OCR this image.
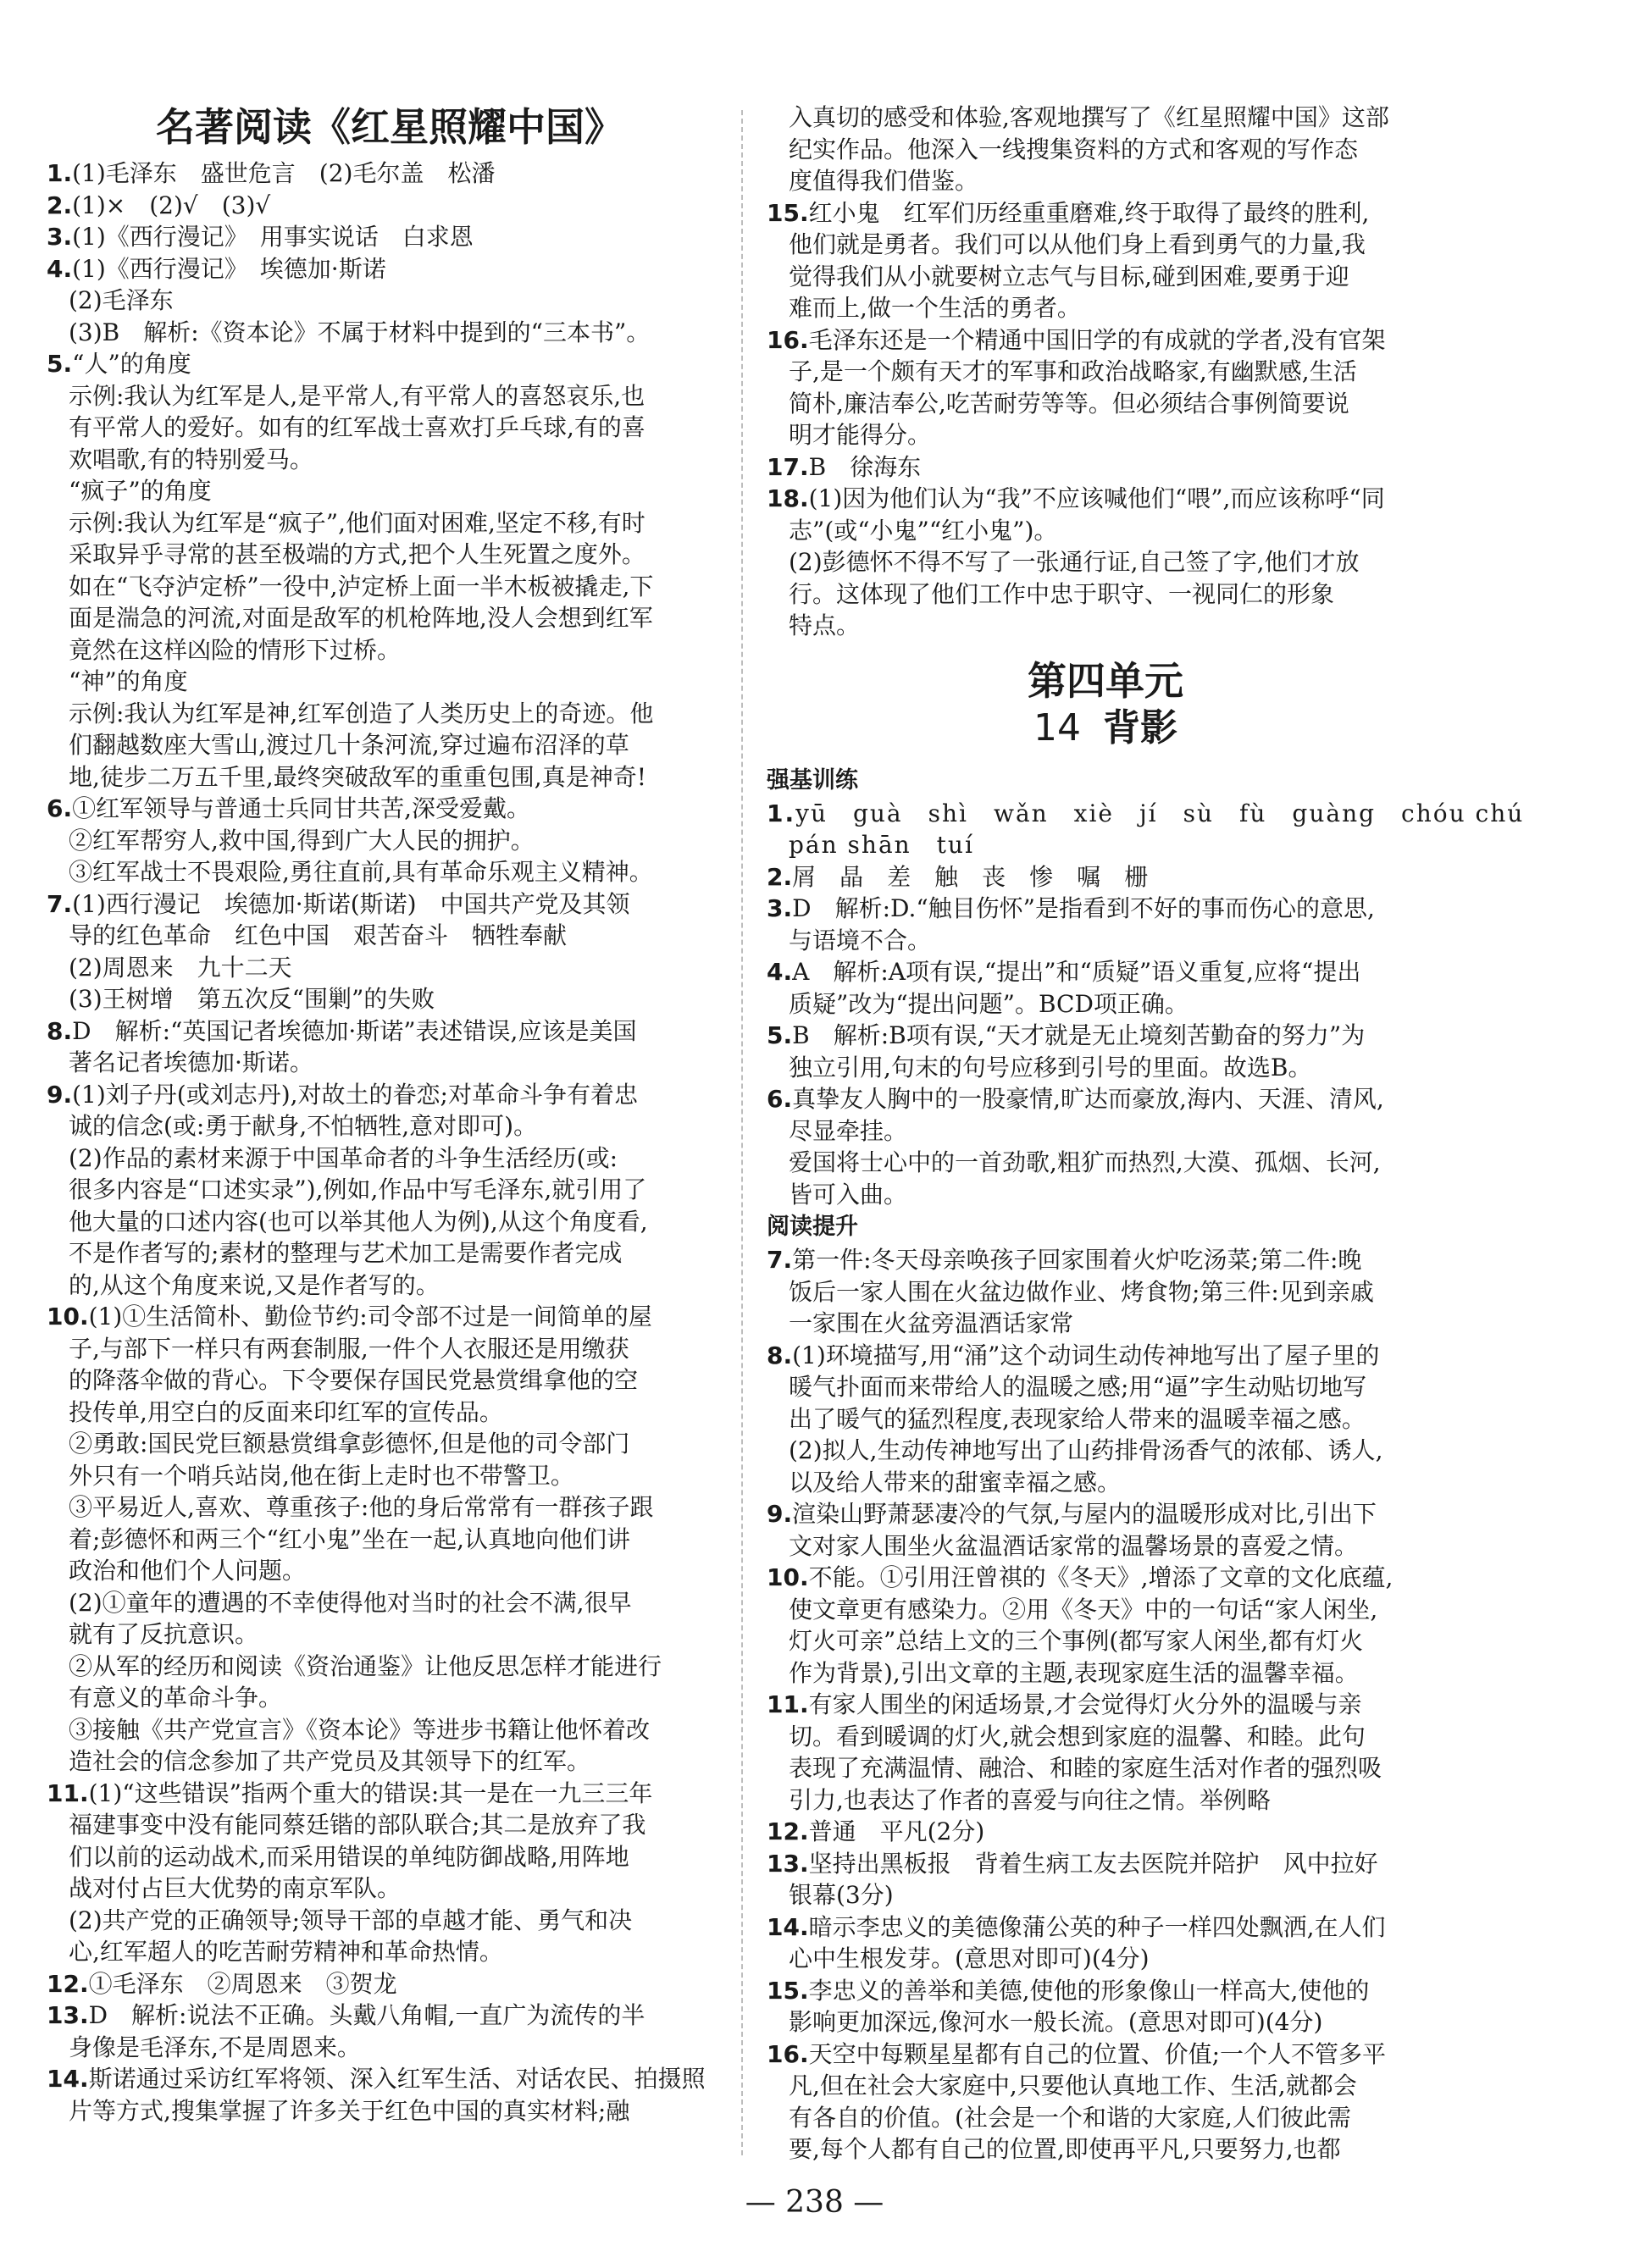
名著阅读《红星照耀中国》
1.(1)毛泽东　盛世危言　(2)毛尔盖　松潘
2.(1)×　(2)√　(3)√
3.(1)《西行漫记》　用事实说话　白求恩
4.(1)《西行漫记》　埃德加·斯诺
(2)毛泽东
(3)B　解析:《资本论》不属于材料中提到的“三本书”。
5.“人”的角度
示例:我认为红军是人,是平常人,有平常人的喜怒哀乐,也
有平常人的爱好。如有的红军战士喜欢打乒乓球,有的喜
欢唱歌,有的特别爱马。
“疯子”的角度
示例:我认为红军是“疯子”,他们面对困难,坚定不移,有时
采取异乎寻常的甚至极端的方式,把个人生死置之度外。
如在“飞夺泸定桥”一役中,泸定桥上面一半木板被撬走,下
面是湍急的河流,对面是敌军的机枪阵地,没人会想到红军
竟然在这样凶险的情形下过桥。
“神”的角度
示例:我认为红军是神,红军创造了人类历史上的奇迹。他
们翻越数座大雪山,渡过几十条河流,穿过遍布沼泽的草
地,徒步二万五千里,最终突破敌军的重重包围,真是神奇!
6.①红军领导与普通士兵同甘共苦,深受爱戴。
②红军帮穷人,救中国,得到广大人民的拥护。
③红军战士不畏艰险,勇往直前,具有革命乐观主义精神。
7.(1)西行漫记　埃德加·斯诺(斯诺)　中国共产党及其领
导的红色革命　红色中国　艰苦奋斗　牺牲奉献
(2)周恩来　九十二天
(3)王树增　第五次反“围剿”的失败
8.D　解析:“英国记者埃德加·斯诺”表述错误,应该是美国
著名记者埃德加·斯诺。
9.(1)刘子丹(或刘志丹),对故土的眷恋;对革命斗争有着忠
诚的信念(或:勇于献身,不怕牺牲,意对即可)。
(2)作品的素材来源于中国革命者的斗争生活经历(或:
很多内容是“口述实录”),例如,作品中写毛泽东,就引用了
他大量的口述内容(也可以举其他人为例),从这个角度看,
不是作者写的;素材的整理与艺术加工是需要作者完成
的,从这个角度来说,又是作者写的。
10.(1)①生活简朴、勤俭节约:司令部不过是一间简单的屋
子,与部下一样只有两套制服,一件个人衣服还是用缴获
的降落伞做的背心。下令要保存国民党悬赏缉拿他的空
投传单,用空白的反面来印红军的宣传品。
②勇敢:国民党巨额悬赏缉拿彭德怀,但是他的司令部门
外只有一个哨兵站岗,他在街上走时也不带警卫。
③平易近人,喜欢、尊重孩子:他的身后常常有一群孩子跟
着;彭德怀和两三个“红小鬼”坐在一起,认真地向他们讲
政治和他们个人问题。
(2)①童年的遭遇的不幸使得他对当时的社会不满,很早
就有了反抗意识。
②从军的经历和阅读《资治通鉴》让他反思怎样才能进行
有意义的革命斗争。
③接触《共产党宣言》《资本论》等进步书籍让他怀着改
造社会的信念参加了共产党员及其领导下的红军。
11.(1)“这些错误”指两个重大的错误:其一是在一九三三年
福建事变中没有能同蔡廷锴的部队联合;其二是放弃了我
们以前的运动战术,而采用错误的单纯防御战略,用阵地
战对付占巨大优势的南京军队。
(2)共产党的正确领导;领导干部的卓越才能、勇气和决
心,红军超人的吃苦耐劳精神和革命热情。
12.①毛泽东　②周恩来　③贺龙
13.D　解析:说法不正确。头戴八角帽,一直广为流传的半
身像是毛泽东,不是周恩来。
14.斯诺通过采访红军将领、深入红军生活、对话农民、拍摄照
片等方式,搜集掌握了许多关于红色中国的真实材料;融
入真切的感受和体验,客观地撰写了《红星照耀中国》这部
纪实作品。他深入一线搜集资料的方式和客观的写作态
度值得我们借鉴。
15.红小鬼　红军们历经重重磨难,终于取得了最终的胜利,
他们就是勇者。我们可以从他们身上看到勇气的力量,我
觉得我们从小就要树立志气与目标,碰到困难,要勇于迎
难而上,做一个生活的勇者。
16.毛泽东还是一个精通中国旧学的有成就的学者,没有官架
子,是一个颇有天才的军事和政治战略家,有幽默感,生活
简朴,廉洁奉公,吃苦耐劳等等。但必须结合事例简要说
明才能得分。
17.B　徐海东
18.(1)因为他们认为“我”不应该喊他们“喂”,而应该称呼“同
志”(或“小鬼”“红小鬼”)。
(2)彭德怀不得不写了一张通行证,自己签了字,他们才放
行。这体现了他们工作中忠于职守、一视同仁的形象
特点。
第四单元
14 背影
强基训练
1.yū　guà　shì　wǎn　xiè　jí　sù　fù　guàng　chóu chú
pán shān　tuí
2.屑　晶　差　触　丧　惨　嘱　栅
3.D　解析:D.“触目伤怀”是指看到不好的事而伤心的意思,
与语境不合。
4.A　解析:A项有误,“提出”和“质疑”语义重复,应将“提出
质疑”改为“提出问题”。BCD项正确。
5.B　解析:B项有误,“天才就是无止境刻苦勤奋的努力”为
独立引用,句末的句号应移到引号的里面。故选B。
6.真挚友人胸中的一股豪情,旷达而豪放,海内、天涯、清风,
尽显牵挂。
爱国将士心中的一首劲歌,粗犷而热烈,大漠、孤烟、长河,
皆可入曲。
阅读提升
7.第一件:冬天母亲唤孩子回家围着火炉吃汤菜;第二件:晚
饭后一家人围在火盆边做作业、烤食物;第三件:见到亲戚
一家围在火盆旁温酒话家常
8.(1)环境描写,用“涌”这个动词生动传神地写出了屋子里的
暖气扑面而来带给人的温暖之感;用“逼”字生动贴切地写
出了暖气的猛烈程度,表现家给人带来的温暖幸福之感。
(2)拟人,生动传神地写出了山药排骨汤香气的浓郁、诱人,
以及给人带来的甜蜜幸福之感。
9.渲染山野萧瑟凄冷的气氛,与屋内的温暖形成对比,引出下
文对家人围坐火盆温酒话家常的温馨场景的喜爱之情。
10.不能。①引用汪曾祺的《冬天》,增添了文章的文化底蕴,
使文章更有感染力。②用《冬天》中的一句话“家人闲坐,
灯火可亲”总结上文的三个事例(都写家人闲坐,都有灯火
作为背景),引出文章的主题,表现家庭生活的温馨幸福。
11.有家人围坐的闲适场景,才会觉得灯火分外的温暖与亲
切。看到暖调的灯火,就会想到家庭的温馨、和睦。此句
表现了充满温情、融洽、和睦的家庭生活对作者的强烈吸
引力,也表达了作者的喜爱与向往之情。举例略
12.普通　平凡(2分)
13.坚持出黑板报　背着生病工友去医院并陪护　风中拉好
银幕(3分)
14.暗示李忠义的美德像蒲公英的种子一样四处飘洒,在人们
心中生根发芽。(意思对即可)(4分)
15.李忠义的善举和美德,使他的形象像山一样高大,使他的
影响更加深远,像河水一般长流。(意思对即可)(4分)
16.天空中每颗星星都有自己的位置、价值;一个人不管多平
凡,但在社会大家庭中,只要他认真地工作、生活,就都会
有各自的价值。(社会是一个和谐的大家庭,人们彼此需
要,每个人都有自己的位置,即使再平凡,只要努力,也都
— 238 —
